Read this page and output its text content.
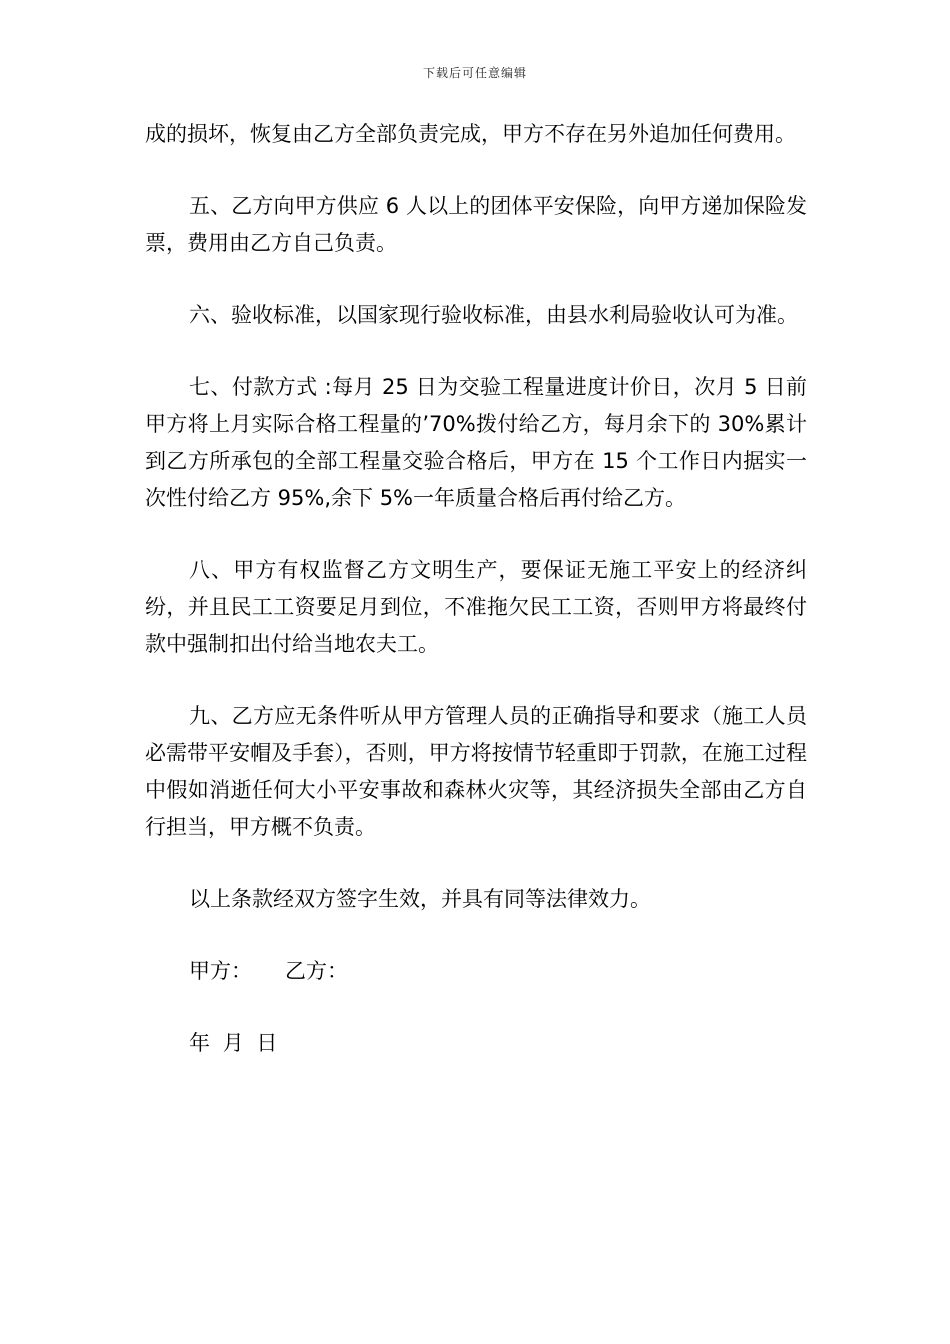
下载后可任意编辑

成的损坏，恢复由乙方全部负责完成，甲方不存在另外追加任何费用。

五、乙方向甲方供应 6 人以上的团体平安保险，向甲方递加保险发票，费用由乙方自己负责。

六、验收标准，以国家现行验收标准，由县水利局验收认可为准。

七、付款方式 :每月 25 日为交验工程量进度计价日，次月 5 日前甲方将上月实际合格工程量的’70%拨付给乙方，每月余下的 30%累计到乙方所承包的全部工程量交验合格后，甲方在 15 个工作日内据实一次性付给乙方 95%,余下 5%一年质量合格后再付给乙方。

八、甲方有权监督乙方文明生产，要保证无施工平安上的经济纠纷，并且民工工资要足月到位，不准拖欠民工工资，否则甲方将最终付款中强制扣出付给当地农夫工。

九、乙方应无条件听从甲方管理人员的正确指导和要求（施工人员必需带平安帽及手套），否则，甲方将按情节轻重即于罚款，在施工过程中假如消逝任何大小平安事故和森林火灾等，其经济损失全部由乙方自行担当，甲方概不负责。

以上条款经双方签字生效，并具有同等法律效力。

甲方： 乙方：
年 月 日
